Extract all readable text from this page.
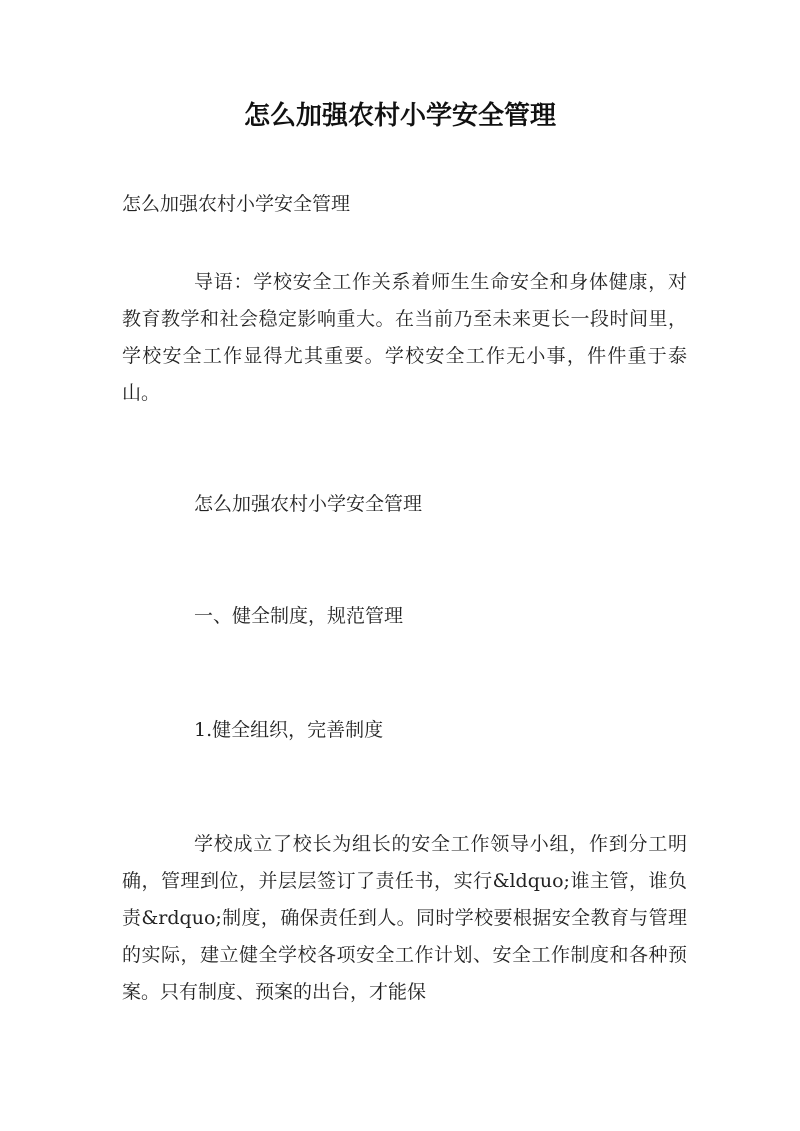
怎么加强农村小学安全管理
怎么加强农村小学安全管理
导语：学校安全工作关系着师生生命安全和身体健康，对教育教学和社会稳定影响重大。在当前乃至未来更长一段时间里，学校安全工作显得尤其重要。学校安全工作无小事，件件重于泰山。
怎么加强农村小学安全管理
一、健全制度，规范管理
1.健全组织，完善制度
学校成立了校长为组长的安全工作领导小组，作到分工明确，管理到位，并层层签订了责任书，实行&ldquo;谁主管，谁负责&rdquo;制度，确保责任到人。同时学校要根据安全教育与管理的实际，建立健全学校各项安全工作计划、安全工作制度和各种预案。只有制度、预案的出台，才能保
